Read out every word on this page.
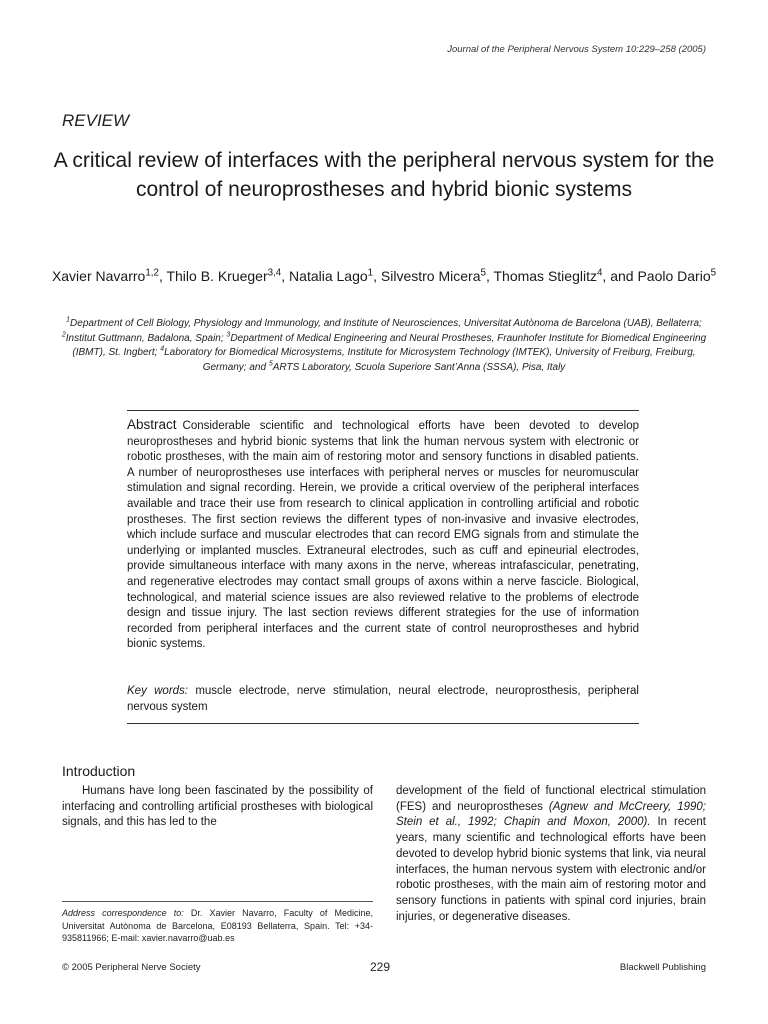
Journal of the Peripheral Nervous System 10:229–258 (2005)
REVIEW
A critical review of interfaces with the peripheral nervous system for the control of neuroprostheses and hybrid bionic systems
Xavier Navarro$^{1,2}$, Thilo B. Krueger$^{3,4}$, Natalia Lago$^1$, Silvestro Micera$^5$, Thomas Stieglitz$^4$, and Paolo Dario$^5$
$^1$Department of Cell Biology, Physiology and Immunology, and Institute of Neurosciences, Universitat Autònoma de Barcelona (UAB), Bellaterra; $^2$Institut Guttmann, Badalona, Spain; $^3$Department of Medical Engineering and Neural Prostheses, Fraunhofer Institute for Biomedical Engineering (IBMT), St. Ingbert; $^4$Laboratory for Biomedical Microsystems, Institute for Microsystem Technology (IMTEK), University of Freiburg, Freiburg, Germany; and $^5$ARTS Laboratory, Scuola Superiore Sant’Anna (SSSA), Pisa, Italy
Abstract Considerable scientific and technological efforts have been devoted to develop neuroprostheses and hybrid bionic systems that link the human nervous system with electronic or robotic prostheses, with the main aim of restoring motor and sensory functions in disabled patients. A number of neuroprostheses use interfaces with peripheral nerves or muscles for neuromuscular stimulation and signal recording. Herein, we provide a critical overview of the peripheral interfaces available and trace their use from research to clinical application in controlling artificial and robotic prostheses. The first section reviews the different types of non-invasive and invasive electrodes, which include surface and muscular electrodes that can record EMG signals from and stimulate the underlying or implanted muscles. Extraneural electrodes, such as cuff and epineurial electrodes, provide simultaneous interface with many axons in the nerve, whereas intrafascicular, penetrating, and regenerative electrodes may contact small groups of axons within a nerve fascicle. Biological, technological, and material science issues are also reviewed relative to the problems of electrode design and tissue injury. The last section reviews different strategies for the use of information recorded from peripheral interfaces and the current state of control neuroprostheses and hybrid bionic systems.
Key words: muscle electrode, nerve stimulation, neural electrode, neuroprosthesis, peripheral nervous system
Introduction

Humans have long been fascinated by the possibility of interfacing and controlling artificial prostheses with biological signals, and this has led to the

development of the field of functional electrical stimulation (FES) and neuroprostheses (Agnew and McCreery, 1990; Stein et al., 1992; Chapin and Moxon, 2000). In recent years, many scientific and technological efforts have been devoted to develop hybrid bionic systems that link, via neural interfaces, the human nervous system with electronic and/or robotic prostheses, with the main aim of restoring motor and sensory functions in patients with spinal cord injuries, brain injuries, or degenerative diseases.

Address correspondence to: Dr. Xavier Navarro, Faculty of Medicine, Universitat Autònoma de Barcelona, E08193 Bellaterra, Spain. Tel: +34-935811966; E-mail: xavier.navarro@uab.es
© 2005 Peripheral Nerve Society	229	Blackwell Publishing
